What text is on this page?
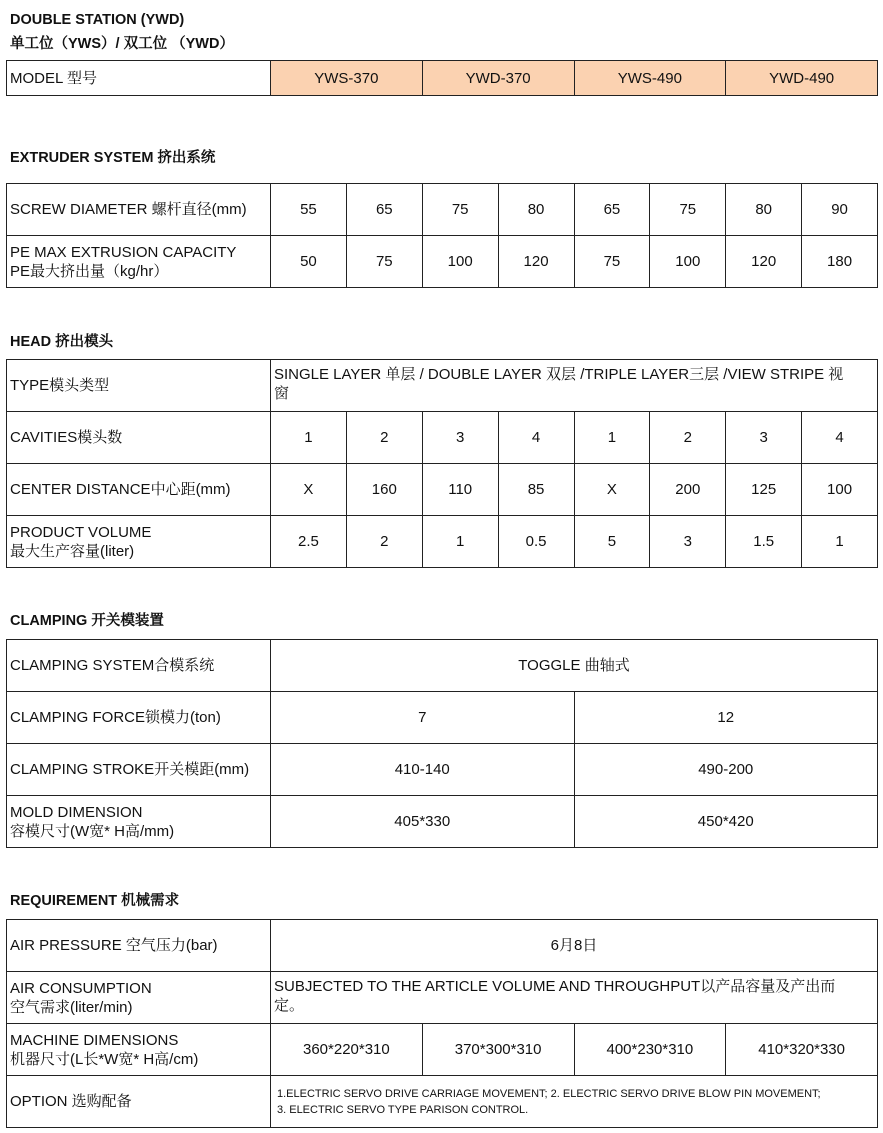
DOUBLE STATION (YWD)
单工位（YWS）/ 双工位 （YWD）
MODEL 型号	YWS-370	YWD-370	YWS-490	YWD-490
EXTRUDER SYSTEM 挤出系统
SCREW DIAMETER 螺杆直径(mm)	55	65	75	80	65	75	80	90

PE MAX EXTRUSION CAPACITY
PE最大挤出量（kg/hr）	50	75	100	120	75	100	120	180
HEAD 挤出模头
TYPE模头类型	SINGLE LAYER 单层 / DOUBLE LAYER 双层 /TRIPLE LAYER三层 /VIEW STRIPE 视
窗							

CAVITIES模头数	1	2	3	4	1	2	3	4

CENTER DISTANCE中心距(mm)	X	160	110	85	X	200	125	100

PRODUCT VOLUME
最大生产容量(liter)	2.5	2	1	0.5	5	3	1.5	1
CLAMPING 开关模装置
CLAMPING SYSTEM合模系统	TOGGLE 曲轴式	

CLAMPING FORCE锁模力(ton)	7	12

CLAMPING STROKE开关模距(mm)	410-140	490-200

MOLD DIMENSION
容模尺寸(W宽* H高/mm)	405*330	450*420
REQUIREMENT 机械需求
AIR PRESSURE 空气压力(bar)	6月8日			

AIR CONSUMPTION
空气需求(liter/min)	SUBJECTED TO THE ARTICLE VOLUME AND THROUGHPUT以产品容量及产出而
定。			

MACHINE DIMENSIONS
机器尺寸(L长*W宽* H高/cm)	360*220*310	370*300*310	400*230*310	410*320*330
OPTION 选购配备	1.ELECTRIC SERVO DRIVE CARRIAGE MOVEMENT; 2. ELECTRIC SERVO DRIVE BLOW PIN MOVEMENT;
3. ELECTRIC SERVO TYPE PARISON CONTROL.			
